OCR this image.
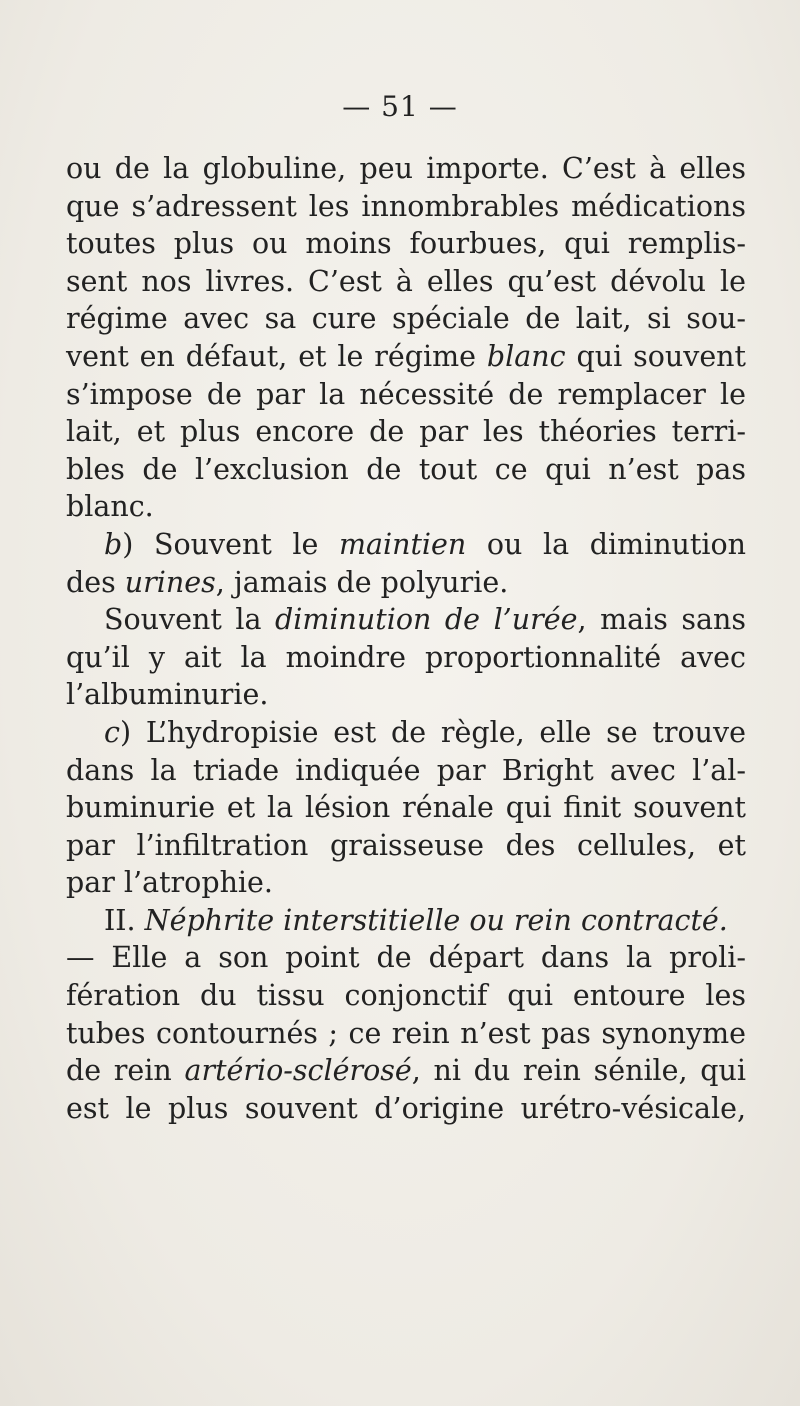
— 51 —
ou de la globuline, peu importe. C’est à elles
que s’adressent les innombrables médications
toutes plus ou moins fourbues, qui remplis-
sent nos livres. C’est à elles qu’est dévolu le
régime avec sa cure spéciale de lait, si sou-
vent en défaut, et le régime blanc qui souvent
s’impose de par la nécessité de remplacer le
lait, et plus encore de par les théories terri-
bles de l’exclusion de tout ce qui n’est pas
blanc.
b) Souvent le maintien ou la diminution
des urines, jamais de polyurie.
Souvent la diminution de l’urée, mais sans
qu’il y ait la moindre proportionnalité avec
l’albuminurie.
c) L’hydropisie est de règle, elle se trouve
dans la triade indiquée par Bright avec l’al-
buminurie et la lésion rénale qui finit souvent
par l’infiltration graisseuse des cellules, et
par l’atrophie.
II. Néphrite interstitielle ou rein contracté.
— Elle a son point de départ dans la proli-
fération du tissu conjonctif qui entoure les
tubes contournés ; ce rein n’est pas synonyme
de rein artério-sclérosé, ni du rein sénile, qui
est le plus souvent d’origine urétro-vésicale,
